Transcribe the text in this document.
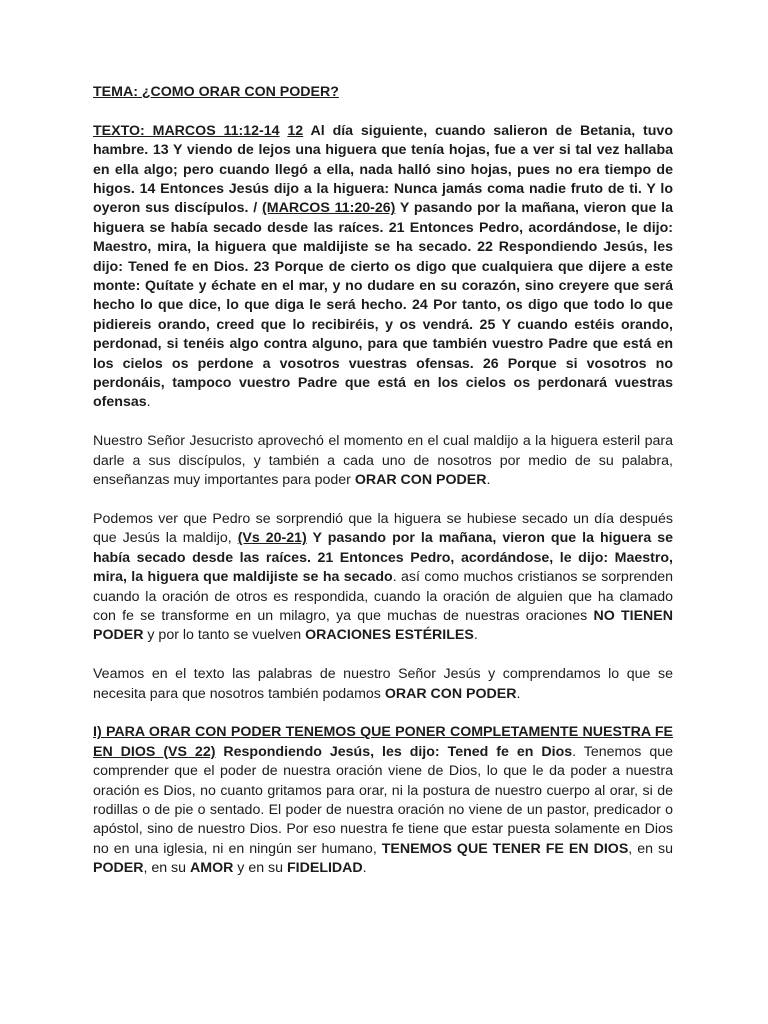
TEMA: ¿COMO ORAR CON PODER?

TEXTO: MARCOS 11:12-14 12 Al día siguiente, cuando salieron de Betania, tuvo hambre. 13 Y viendo de lejos una higuera que tenía hojas, fue a ver si tal vez hallaba en ella algo; pero cuando llegó a ella, nada halló sino hojas, pues no era tiempo de higos. 14 Entonces Jesús dijo a la higuera: Nunca jamás coma nadie fruto de ti. Y lo oyeron sus discípulos. / (MARCOS 11:20-26) Y pasando por la mañana, vieron que la higuera se había secado desde las raíces. 21 Entonces Pedro, acordándose, le dijo: Maestro, mira, la higuera que maldijiste se ha secado. 22 Respondiendo Jesús, les dijo: Tened fe en Dios. 23 Porque de cierto os digo que cualquiera que dijere a este monte: Quítate y échate en el mar, y no dudare en su corazón, sino creyere que será hecho lo que dice, lo que diga le será hecho. 24 Por tanto, os digo que todo lo que pidiereis orando, creed que lo recibiréis, y os vendrá. 25 Y cuando estéis orando, perdonad, si tenéis algo contra alguno, para que también vuestro Padre que está en los cielos os perdone a vosotros vuestras ofensas. 26 Porque si vosotros no perdonáis, tampoco vuestro Padre que está en los cielos os perdonará vuestras ofensas.

Nuestro Señor Jesucristo aprovechó el momento en el cual maldijo a la higuera esteril para darle a sus discípulos, y también a cada uno de nosotros por medio de su palabra, enseñanzas muy importantes para poder ORAR CON PODER.

Podemos ver que Pedro se sorprendió que la higuera se hubiese secado un día después que Jesús la maldijo, (Vs 20-21) Y pasando por la mañana, vieron que la higuera se había secado desde las raíces. 21 Entonces Pedro, acordándose, le dijo: Maestro, mira, la higuera que maldijiste se ha secado. así como muchos cristianos se sorprenden cuando la oración de otros es respondida, cuando la oración de alguien que ha clamado con fe se transforme en un milagro, ya que muchas de nuestras oraciones NO TIENEN PODER y por lo tanto se vuelven ORACIONES ESTÉRILES.

Veamos en el texto las palabras de nuestro Señor Jesús y comprendamos lo que se necesita para que nosotros también podamos ORAR CON PODER.

I) PARA ORAR CON PODER TENEMOS QUE PONER COMPLETAMENTE NUESTRA FE EN DIOS (VS 22) Respondiendo Jesús, les dijo: Tened fe en Dios. Tenemos que comprender que el poder de nuestra oración viene de Dios, lo que le da poder a nuestra oración es Dios, no cuanto gritamos para orar, ni la postura de nuestro cuerpo al orar, si de rodillas o de pie o sentado. El poder de nuestra oración no viene de un pastor, predicador o apóstol, sino de nuestro Dios. Por eso nuestra fe tiene que estar puesta solamente en Dios no en una iglesia, ni en ningún ser humano, TENEMOS QUE TENER FE EN DIOS, en su PODER, en su AMOR y en su FIDELIDAD.
